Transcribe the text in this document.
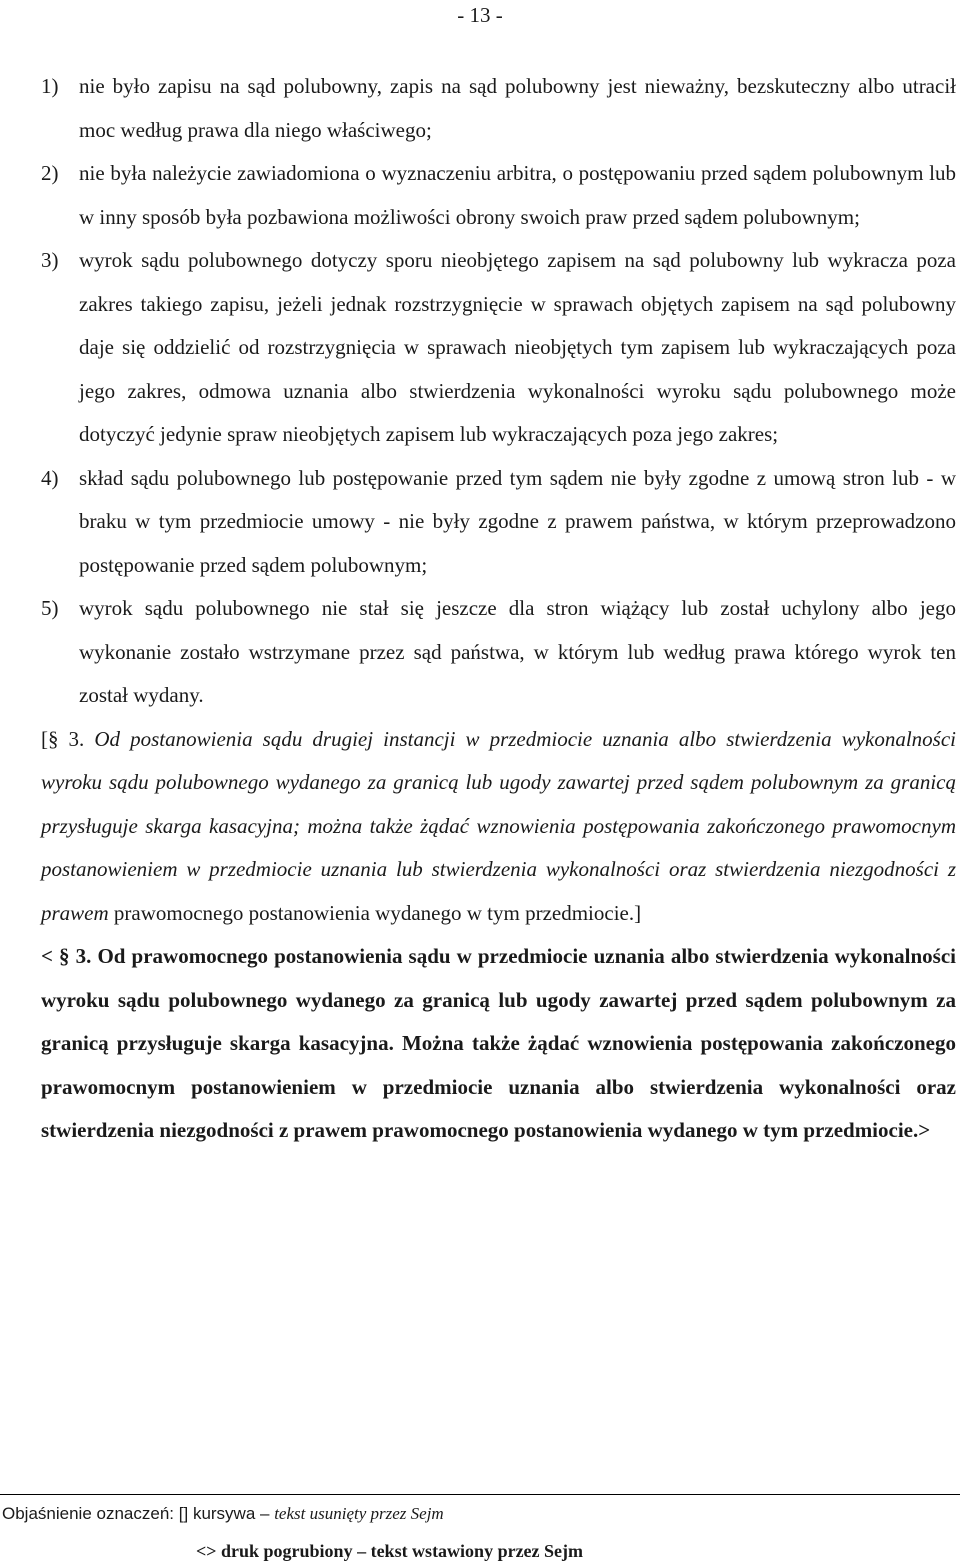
- 13 -
1) nie było zapisu na sąd polubowny, zapis na sąd polubowny jest nieważny, bezskuteczny albo utracił moc według prawa dla niego właściwego;
2) nie była należycie zawiadomiona o wyznaczeniu arbitra, o postępowaniu przed sądem polubownym lub w inny sposób była pozbawiona możliwości obrony swoich praw przed sądem polubownym;
3) wyrok sądu polubownego dotyczy sporu nieobjętego zapisem na sąd polubowny lub wykracza poza zakres takiego zapisu, jeżeli jednak rozstrzygnięcie w sprawach objętych zapisem na sąd polubowny daje się oddzielić od rozstrzygnięcia w sprawach nieobjętych tym zapisem lub wykraczających poza jego zakres, odmowa uznania albo stwierdzenia wykonalności wyroku sądu polubownego może dotyczyć jedynie spraw nieobjętych zapisem lub wykraczających poza jego zakres;
4) skład sądu polubownego lub postępowanie przed tym sądem nie były zgodne z umową stron lub - w braku w tym przedmiocie umowy - nie były zgodne z prawem państwa, w którym przeprowadzono postępowanie przed sądem polubownym;
5) wyrok sądu polubownego nie stał się jeszcze dla stron wiążący lub został uchylony albo jego wykonanie zostało wstrzymane przez sąd państwa, w którym lub według prawa którego wyrok ten został wydany.
[§ 3. Od postanowienia sądu drugiej instancji w przedmiocie uznania albo stwierdzenia wykonalności wyroku sądu polubownego wydanego za granicą lub ugody zawartej przed sądem polubownym za granicą przysługuje skarga kasacyjna; można także żądać wznowienia postępowania zakończonego prawomocnym postanowieniem w przedmiocie uznania lub stwierdzenia wykonalności oraz stwierdzenia niezgodności z prawem prawomocnego postanowienia wydanego w tym przedmiocie.]
< § 3. Od prawomocnego postanowienia sądu w przedmiocie uznania albo stwierdzenia wykonalności wyroku sądu polubownego wydanego za granicą lub ugody zawartej przed sądem polubownym za granicą przysługuje skarga kasacyjna. Można także żądać wznowienia postępowania zakończonego prawomocnym postanowieniem w przedmiocie uznania albo stwierdzenia wykonalności oraz stwierdzenia niezgodności z prawem prawomocnego postanowienia wydanego w tym przedmiocie.>
Objaśnienie oznaczeń: [] kursywa – tekst usunięty przez Sejm
<> druk pogrubiony – tekst wstawiony przez Sejm
